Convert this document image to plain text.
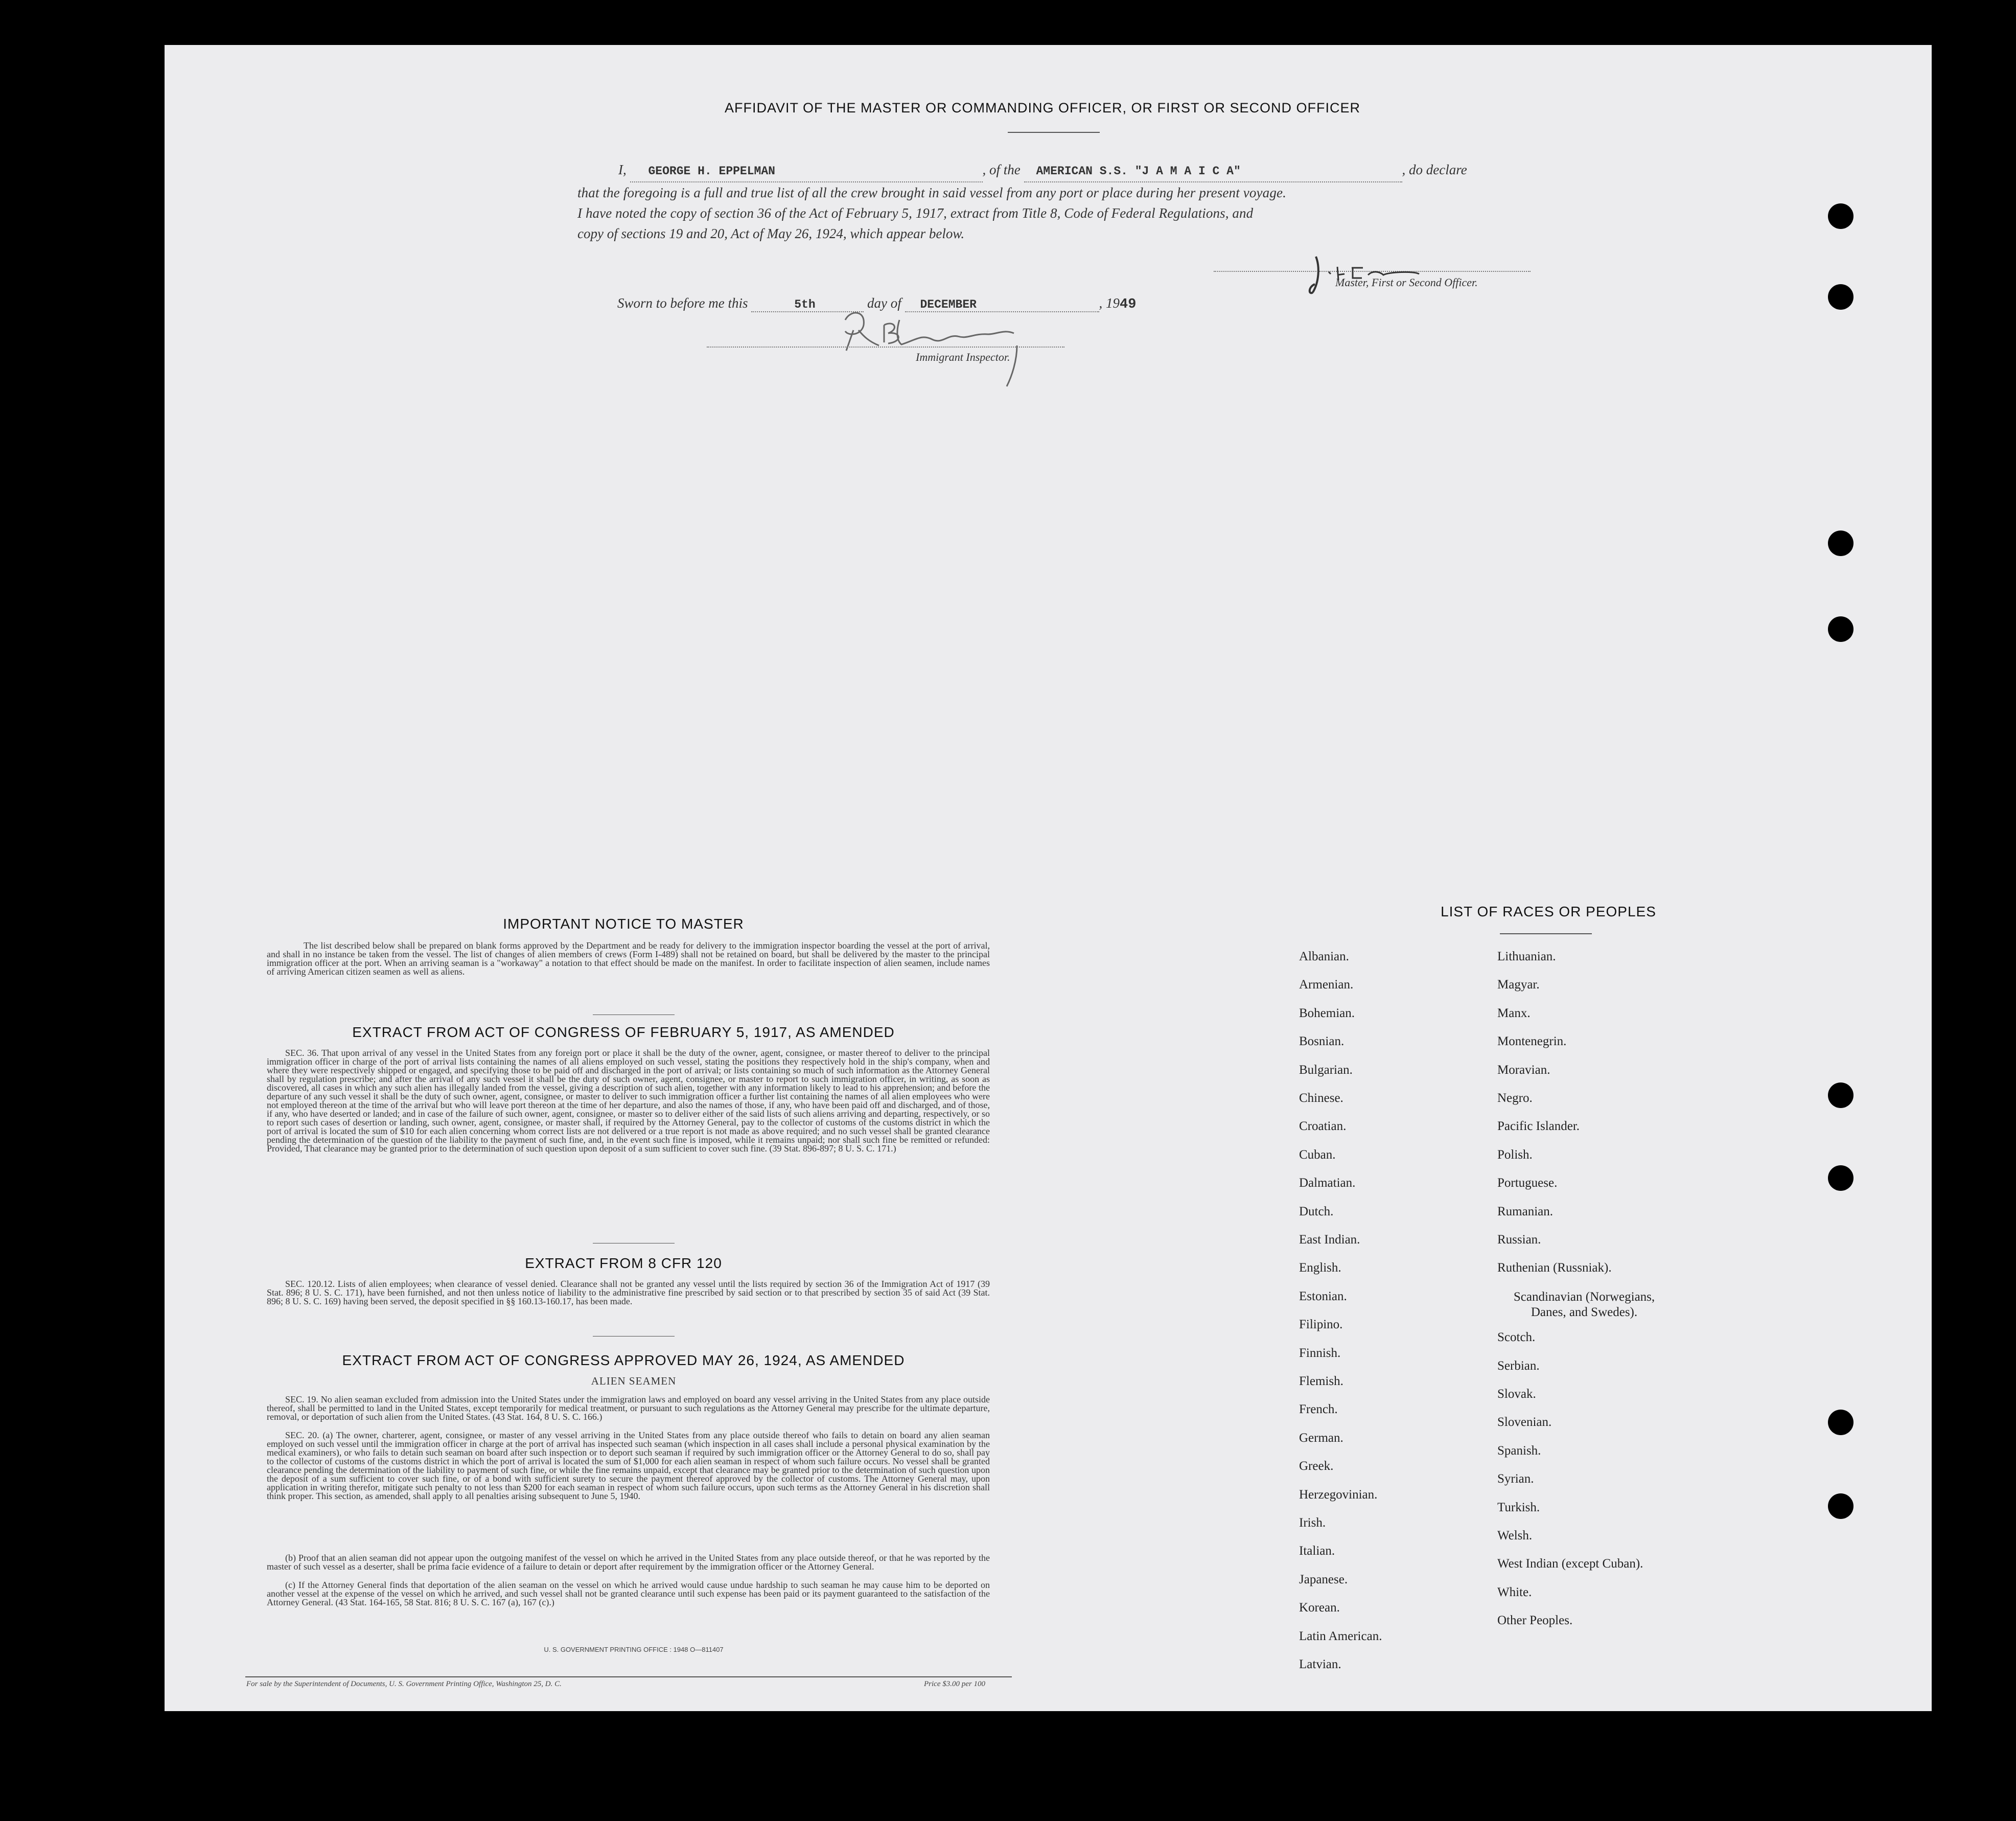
AFFIDAVIT OF THE MASTER OR COMMANDING OFFICER, OR FIRST OR SECOND OFFICER
I, GEORGE H. EPPELMAN	, of the AMERICAN S.S. "J A M A I C A"	, do declare
that the foregoing is a full and true list of all the crew brought in said vessel from any port or place during her present voyage.
I have noted the copy of section 36 of the Act of February 5, 1917, extract from Title 8, Code of Federal Regulations, and
copy of sections 19 and 20, Act of May 26, 1924, which appear below.
Master, First or Second Officer.
Sworn to before me this	5th	day of DECEMBER	, 1949
Immigrant Inspector.
IMPORTANT NOTICE TO MASTER
The list described below shall be prepared on blank forms approved by the Department and be ready for delivery to the immigration inspector boarding the vessel at the port of arrival, and shall in no instance be taken from the vessel. The list of changes of alien members of crews (Form I-489) shall not be retained on board, but shall be delivered by the master to the principal immigration officer at the port. When an arriving seaman is a "workaway" a notation to that effect should be made on the manifest. In order to facilitate inspection of alien seamen, include names of arriving American citizen seamen as well as aliens.
EXTRACT FROM ACT OF CONGRESS OF FEBRUARY 5, 1917, AS AMENDED
SEC. 36. That upon arrival of any vessel in the United States from any foreign port or place it shall be the duty of the owner, agent, consignee, or master thereof to deliver to the principal immigration officer in charge of the port of arrival lists containing the names of all aliens employed on such vessel, stating the positions they respectively hold in the ship's company, when and where they were respectively shipped or engaged, and specifying those to be paid off and discharged in the port of arrival; or lists containing so much of such information as the Attorney General shall by regulation prescribe; and after the arrival of any such vessel it shall be the duty of such owner, agent, consignee, or master to report to such immigration officer, in writing, as soon as discovered, all cases in which any such alien has illegally landed from the vessel, giving a description of such alien, together with any information likely to lead to his apprehension; and before the departure of any such vessel it shall be the duty of such owner, agent, consignee, or master to deliver to such immigration officer a further list containing the names of all alien employees who were not employed thereon at the time of the arrival but who will leave port thereon at the time of her departure, and also the names of those, if any, who have been paid off and discharged, and of those, if any, who have deserted or landed; and in case of the failure of such owner, agent, consignee, or master so to deliver either of the said lists of such aliens arriving and departing, respectively, or so to report such cases of desertion or landing, such owner, agent, consignee, or master shall, if required by the Attorney General, pay to the collector of customs of the customs district in which the port of arrival is located the sum of $10 for each alien concerning whom correct lists are not delivered or a true report is not made as above required; and no such vessel shall be granted clearance pending the determination of the question of the liability to the payment of such fine, and, in the event such fine is imposed, while it remains unpaid; nor shall such fine be remitted or refunded: Provided, That clearance may be granted prior to the determination of such question upon deposit of a sum sufficient to cover such fine. (39 Stat. 896-897; 8 U. S. C. 171.)
EXTRACT FROM 8 CFR 120
SEC. 120.12. Lists of alien employees; when clearance of vessel denied. Clearance shall not be granted any vessel until the lists required by section 36 of the Immigration Act of 1917 (39 Stat. 896; 8 U. S. C. 171), have been furnished, and not then unless notice of liability to the administrative fine prescribed by said section or to that prescribed by section 35 of said Act (39 Stat. 896; 8 U. S. C. 169) having been served, the deposit specified in §§ 160.13-160.17, has been made.
EXTRACT FROM ACT OF CONGRESS APPROVED MAY 26, 1924, AS AMENDED
ALIEN SEAMEN
SEC. 19. No alien seaman excluded from admission into the United States under the immigration laws and employed on board any vessel arriving in the United States from any place outside thereof, shall be permitted to land in the United States, except temporarily for medical treatment, or pursuant to such regulations as the Attorney General may prescribe for the ultimate departure, removal, or deportation of such alien from the United States. (43 Stat. 164, 8 U. S. C. 166.)
SEC. 20. (a) The owner, charterer, agent, consignee, or master of any vessel arriving in the United States from any place outside thereof who fails to detain on board any alien seaman employed on such vessel until the immigration officer in charge at the port of arrival has inspected such seaman (which inspection in all cases shall include a personal physical examination by the medical examiners), or who fails to detain such seaman on board after such inspection or to deport such seaman if required by such immigration officer or the Attorney General to do so, shall pay to the collector of customs of the customs district in which the port of arrival is located the sum of $1,000 for each alien seaman in respect of whom such failure occurs. No vessel shall be granted clearance pending the determination of the liability to payment of such fine, or while the fine remains unpaid, except that clearance may be granted prior to the determination of such question upon the deposit of a sum sufficient to cover such fine, or of a bond with sufficient surety to secure the payment thereof approved by the collector of customs. The Attorney General may, upon application in writing therefor, mitigate such penalty to not less than $200 for each seaman in respect of whom such failure occurs, upon such terms as the Attorney General in his discretion shall think proper. This section, as amended, shall apply to all penalties arising subsequent to June 5, 1940.
(b) Proof that an alien seaman did not appear upon the outgoing manifest of the vessel on which he arrived in the United States from any place outside thereof, or that he was reported by the master of such vessel as a deserter, shall be prima facie evidence of a failure to detain or deport after requirement by the immigration officer or the Attorney General.
(c) If the Attorney General finds that deportation of the alien seaman on the vessel on which he arrived would cause undue hardship to such seaman he may cause him to be deported on another vessel at the expense of the vessel on which he arrived, and such vessel shall not be granted clearance until such expense has been paid or its payment guaranteed to the satisfaction of the Attorney General. (43 Stat. 164-165, 58 Stat. 816; 8 U. S. C. 167 (a), 167 (c).)
U. S. GOVERNMENT PRINTING OFFICE : 1948 O—811407
For sale by the Superintendent of Documents, U. S. Government Printing Office, Washington 25, D. C.	Price $3.00 per 100
LIST OF RACES OR PEOPLES
Albanian.
Armenian.
Bohemian.
Bosnian.
Bulgarian.
Chinese.
Croatian.
Cuban.
Dalmatian.
Dutch.
East Indian.
English.
Estonian.
Filipino.
Finnish.
Flemish.
French.
German.
Greek.
Herzegovinian.
Irish.
Italian.
Japanese.
Korean.
Latin American.
Latvian.
Lithuanian.
Magyar.
Manx.
Montenegrin.
Moravian.
Negro.
Pacific Islander.
Polish.
Portuguese.
Rumanian.
Russian.
Ruthenian (Russniak).
Scandinavian (Norwegians, Danes, and Swedes).
Scotch.
Serbian.
Slovak.
Slovenian.
Spanish.
Syrian.
Turkish.
Welsh.
West Indian (except Cuban).
White.
Other Peoples.
